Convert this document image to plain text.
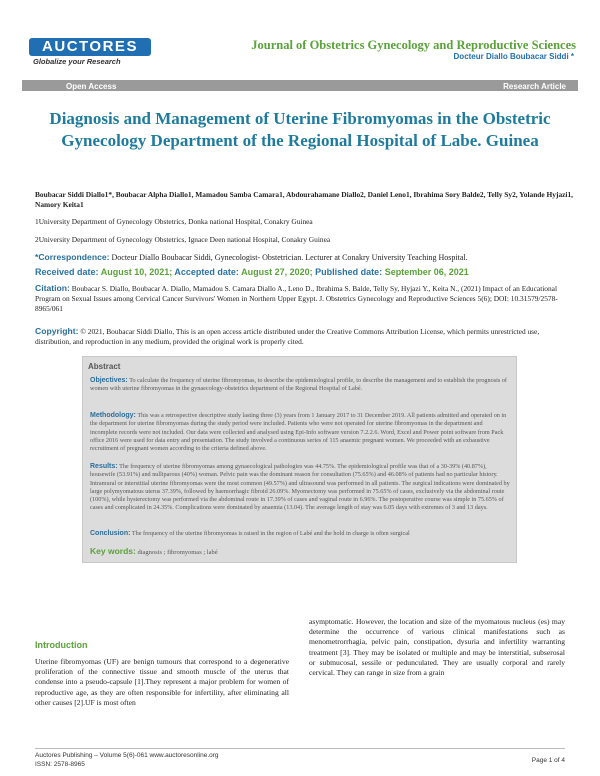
AUCTORES
Globalize your Research
Journal of Obstetrics Gynecology and Reproductive Sciences
Docteur Diallo Boubacar Siddi *
Open Access	Research Article
Diagnosis and Management of Uterine Fibromyomas in the Obstetric Gynecology Department of the Regional Hospital of Labe. Guinea
Boubacar Siddi Diallo1*, Boubacar Alpha Diallo1, Mamadou Samba Camara1, Abdourahamane Diallo2, Daniel Leno1, Ibrahima Sory Balde2, Telly Sy2, Yolande Hyjazi1, Namory Keita1
1University Department of Gynecology Obstetrics, Donka national Hospital, Conakry Guinea
2University Department of Gynecology Obstetrics, Ignace Deen national Hospital, Conakry Guinea
*Correspondence: Docteur Diallo Boubacar Siddi, Gynecologist- Obstetrician. Lecturer at Conakry University Teaching Hospital.
Received date: August 10, 2021; Accepted date: August 27, 2020; Published date: September 06, 2021
Citation: Boubacar S. Diallo, Boubacar A. Diallo, Mamadou S. Camara Diallo A., Leno D., Ibrahima S. Balde, Telly Sy, Hyjazi Y., Keita N., (2021) Impact of an Educational Program on Sexual Issues among Cervical Cancer Survivors' Women in Northern Upper Egypt. J. Obstetrics Gynecology and Reproductive Sciences 5(6); DOI: 10.31579/2578-8965/061
Copyright: © 2021, Boubacar Siddi Diallo, This is an open access article distributed under the Creative Commons Attribution License, which permits unrestricted use, distribution, and reproduction in any medium, provided the original work is properly cited.
Abstract
Objectives: To calculate the frequency of uterine fibromyomas, to describe the epidemiological profile, to describe the management and to establish the prognosis of women with uterine fibromyomas in the gynaecology-obstetrics department of the Regional Hospital of Labé.
Methodology: This was a retrospective descriptive study lasting three (3) years from 1 January 2017 to 31 December 2019. All patients admitted and operated on in the department for uterine fibromyomas during the study period were included. Patients who were not operated for uterine fibromyomas in the department and incomplete records were not included. Our data were collected and analysed using Epi-Info software version 7.2.2.6. Word, Excel and Power point software from Pack office 2016 were used for data entry and presentation. The study involved a continuous series of 115 anaemic pregnant women. We proceeded with an exhaustive recruitment of pregnant women according to the criteria defined above.
Results: The frequency of uterine fibromyomas among gynaecological pathologies was 44.75%. The epidemiological profile was that of a 30-39% (40.87%), housewife (53.91%) and nulliparous (40%) woman. Pelvic pain was the dominant reason for consultation (75.65%) and 46.08% of patients had no particular history. Intramural or interstitial uterine fibromyomas were the most common (49.57%) and ultrasound was performed in all patients. The surgical indications were dominated by large polymyomatous uterus 37.39%, followed by haemorrhagic fibroid 26.09%. Myomectomy was performed in 75.65% of cases, exclusively via the abdominal route (100%), while hysterectomy was performed via the abdominal route in 17.39% of cases and vaginal route in 6.96%. The postoperative course was simple in 75.65% of cases and complicated in 24.35%. Complications were dominated by anaemia (13.04). The average length of stay was 6.05 days with extremes of 3 and 13 days.
Conclusion: The frequency of the uterine fibromyomas is raised in the region of Labé and the hold in charge is often surgical
Key words: diagnosis ; fibromyomas ; labé
Introduction
Uterine fibromyomas (UF) are benign tumours that correspond to a degenerative proliferation of the connective tissue and smooth muscle of the uterus that condense into a pseudo-capsule [1].They represent a major problem for women of reproductive age, as they are often responsible for infertility, after eliminating all other causes [2].UF is most often
asymptomatic. However, the location and size of the myomatous nucleus (es) may determine the occurrence of various clinical manifestations such as menometrorrhagia, pelvic pain, constipation, dysuria and infertility warranting treatment [3]. They may be isolated or multiple and may be interstitial, subserosal or submucosal, sessile or pedunculated. They are usually corporal and rarely cervical. They can range in size from a grain
Auctores Publishing – Volume 5(6)-061 www.auctoresonline.org
ISSN: 2578-8965
Page 1 of 4
